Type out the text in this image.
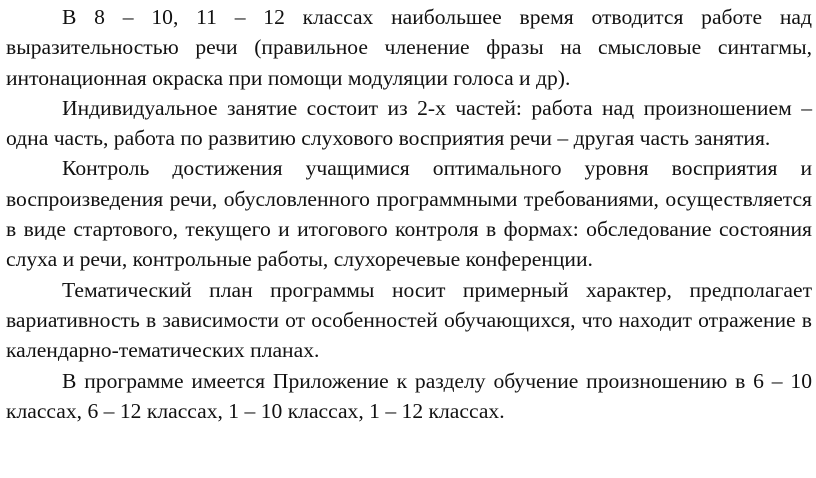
В 8 – 10, 11 – 12 классах наибольшее время отводится работе над выразительностью речи (правильное членение фразы на смысловые синтагмы, интонационная окраска при помощи модуляции голоса и др).

Индивидуальное занятие состоит из 2-х частей: работа над произношением – одна часть, работа по развитию слухового восприятия речи – другая часть занятия.

Контроль достижения учащимися оптимального уровня восприятия и воспроизведения речи, обусловленного программными требованиями, осуществляется в виде стартового, текущего и итогового контроля в формах: обследование состояния слуха и речи, контрольные работы, слухоречевые конференции.

Тематический план программы носит примерный характер, предполагает вариативность в зависимости от особенностей обучающихся, что находит отражение в календарно-тематических планах.

В программе имеется Приложение к разделу обучение произношению в 6 – 10 классах, 6 – 12 классах, 1 – 10 классах, 1 – 12 классах.
